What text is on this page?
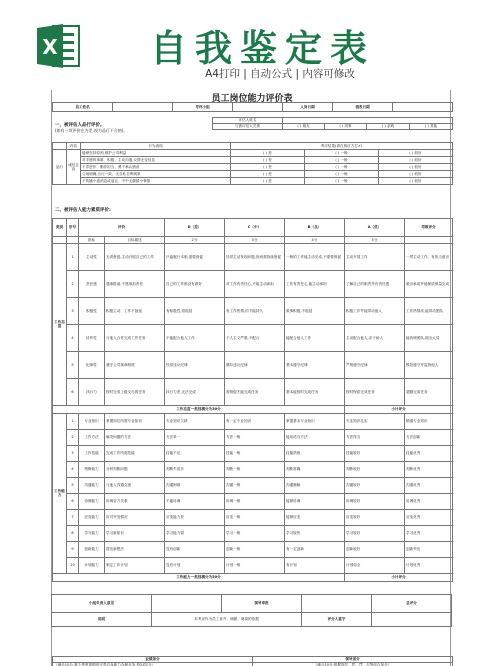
X 自我鉴定表
A4打印 | 自动公式 | 内容可修改
员工岗位能力评价表
员工姓名		考评小组		入岗日期	填表日期	
一、被评估人品行评价。
(如有一项评价在为差,视为品行不合格)。
评估人姓名				
与被评估人关系	( ) 朋友	( ) 同事	( ) 亲戚	( ) 其他
	内容	行为表现	考评结果(请在相应方打✔)		
品行	诚信正直	能够坚持原则,维护公司利益	( ) 差	( ) 一般	( ) 较好
		对手册的事重、积极、主动沟通,反馈无变信息	( ) 差	( ) 一般	( ) 较好
		不弄虚作、勤作担当、勇于承认错误	( ) 差	( ) 一般	( ) 较好
		立场明确,言行一致、无自私自利现象	( ) 差	( ) 一般	( ) 较好
		不传播小道消息或谣言、不中无端猜小事情	( ) 差	( ) 一般	( ) 较好
二、被评估人能力素质评价:
类别	序号	评价		D（差）	C（中）	B（良）	A（优）	考核评分	
		指标	目标描述	2分	3分	4分	5分		
工作态度	1	主动性	无须督促,主动开展自己的工作	只能履行本职,需要督促	经常主动发现问题,但尚需持续督促	一般的工作能主动完成,不需要督促	主动开展工作	一贯主动工作、有担当意识	
	2	责任感	遇事推诿,不愿承担责任	自己的工作都没有做好	对工作有责任心,不能主动承担	工作有责任心,能主动承担	了解自己的职责并有责任感	做出承诺并能保质保量完成	
	3	积极性	积极主动、工作不拖延	有积极性,但拖延	有工作热情,但不能持久	做事积极,不拖延	积极工作并能带动他人	工作热情高,能带动团队	
	4	协作性	与他人合作完成工作任务	不能配合他人工作	个人主义严重,不配合	能配合他人工作	主动配合他人,乐于助人	能协调团队,顾全大局	
	5	纪律性	遵守公司规章制度	经常违反纪律	偶尔违反纪律	基本遵守纪律	严格遵守纪律	模范遵守并监督他人	
	6	执行力	按时完成上级交办的任务	执行力差,无法完成	需督促才能完成任务	基本能按时完成任务	按时保质完成任务	超额完成任务	
工作态度一类别满分为30分							小计评分		
工作能力	1	专业知识	掌握岗位所需专业知识	专业知识欠缺	有一定专业知识	掌握基本专业知识	专业知识扎实	精通专业知识	
	2	工作方法	解决问题的方法	方法单一	方法一般	能用适当方法	方法得当	方法创新	
	3	工作技能	完成工作所需技能	技能不足	技能一般	技能熟练	技能较好	技能优秀	
	4	判断能力	分析判断问题	判断失误多	判断一般	判断准确	判断较好	判断优秀	
	5	沟通能力	与他人沟通交流	沟通困难	沟通一般	沟通顺畅	沟通较好	沟通优秀	
	6	协调能力	协调各方关系	不能协调	协调一般	能够协调	协调较好	协调优秀	
	7	应变能力	应对突发情况	应变能力差	应变一般	能够应变	应变较好	应变优秀	
	8	学习能力	学习新知识	学习能力弱	学习一般	学习较快	学习较好	学习优秀	
	9	创新能力	提出新想法	没有创新	创新一般	有一定创新	创新较好	创新突出	
	10	计划能力	制定工作计划	没有计划	计划一般	有计划	计划周全	计划优秀	
工作能力一类别满分为50分							小计评分		
业绩加分	领导加分
（满分10分,事个季度周期内完善自身能力办理业务,每2项1分）	（满分10分,根据岗位、奖、罚、否等综合加分）
小组负责人意见		领导审批		总评分
说明	本考评作为员工晋升、调薪、调岗的依据		评分人签字	
